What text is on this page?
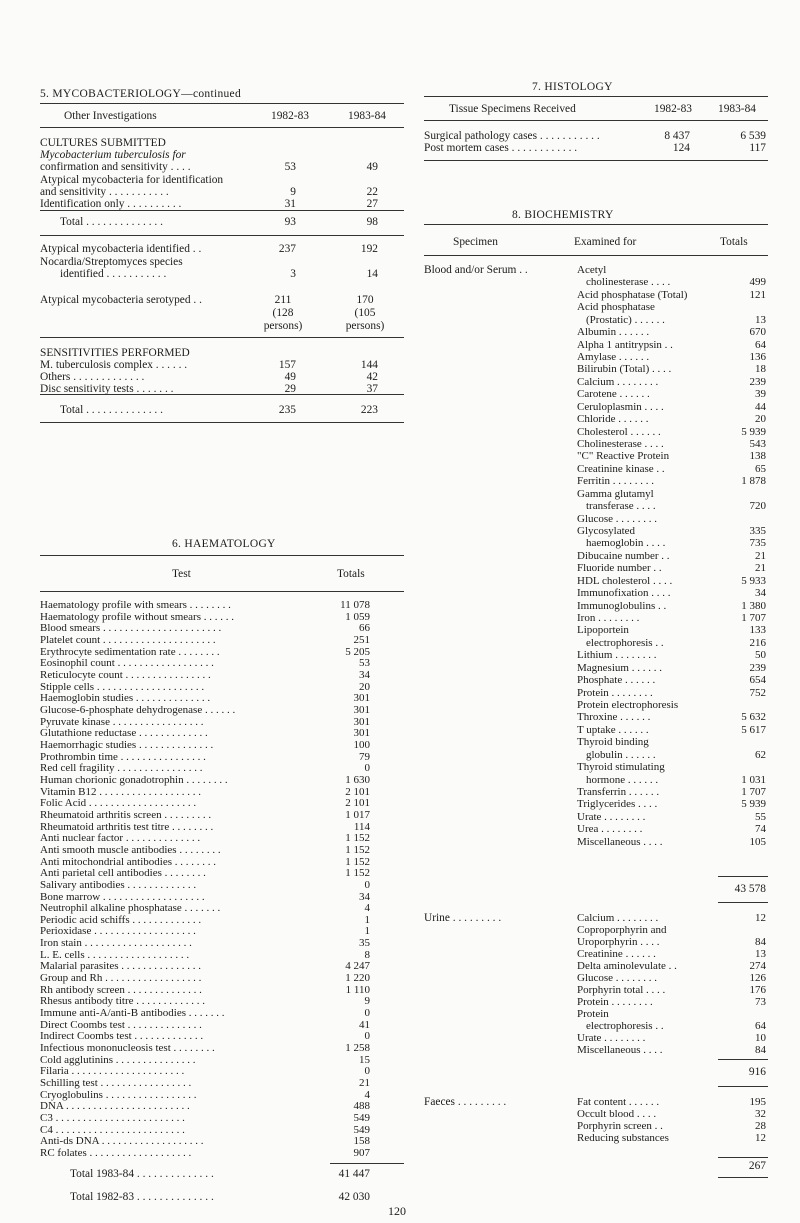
5. MYCOBACTERIOLOGY—continued
Other Investigations	1982-83	1983-84
CULTURES SUBMITTED
Mycobacterium tuberculosis for
confirmation and sensitivity . . . .	53	49
Atypical mycobacteria for identification
and sensitivity . . . . . . . . . . .	9	22
Identification only . . . . . . . . . .	31	27
Total . . . . . . . . . . . . . .	93	98
Atypical mycobacteria identified . .	237	192
Nocardia/Streptomyces species
identified . . . . . . . . . . .	3	14
Atypical mycobacteria serotyped . .	211	170
(128	(105
persons)	persons)
SENSITIVITIES PERFORMED
M. tuberculosis complex . . . . . .	157	144
Others . . . . . . . . . . . . .	49	42
Disc sensitivity tests . . . . . . .	29	37
Total . . . . . . . . . . . . . .	235	223
6. HAEMATOLOGY
Test	Totals
Haematology profile with smears . . . . . . . .	11 078
Haematology profile without smears . . . . . .	1 059
Blood smears . . . . . . . . . . . . . . . . . . . . . .	66
Platelet count . . . . . . . . . . . . . . . . . . . . .	251
Erythrocyte sedimentation rate . . . . . . . .	5 205
Eosinophil count . . . . . . . . . . . . . . . . . .	53
Reticulocyte count . . . . . . . . . . . . . . . .	34
Stipple cells . . . . . . . . . . . . . . . . . . . .	20
Haemoglobin studies . . . . . . . . . . . . . .	301
Glucose-6-phosphate dehydrogenase . . . . . .	301
Pyruvate kinase . . . . . . . . . . . . . . . . .	301
Glutathione reductase . . . . . . . . . . . . .	301
Haemorrhagic studies . . . . . . . . . . . . . .	100
Prothrombin time . . . . . . . . . . . . . . . .	79
Red cell fragility . . . . . . . . . . . . . . . .	0
Human chorionic gonadotrophin . . . . . . . .	1 630
Vitamin B12 . . . . . . . . . . . . . . . . . . .	2 101
Folic Acid . . . . . . . . . . . . . . . . . . . .	2 101
Rheumatoid arthritis screen . . . . . . . . .	1 017
Rheumatoid arthritis test titre . . . . . . . .	114
Anti nuclear factor . . . . . . . . . . . . . .	1 152
Anti smooth muscle antibodies . . . . . . . .	1 152
Anti mitochondrial antibodies . . . . . . . .	1 152
Anti parietal cell antibodies . . . . . . . .	1 152
Salivary antibodies . . . . . . . . . . . . .	0
Bone marrow . . . . . . . . . . . . . . . . . . .	34
Neutrophil alkaline phosphatase . . . . . . .	4
Periodic acid schiffs . . . . . . . . . . . . .	1
Perioxidase . . . . . . . . . . . . . . . . . . .	1
Iron stain . . . . . . . . . . . . . . . . . . . .	35
L. E. cells . . . . . . . . . . . . . . . . . . .	8
Malarial parasites . . . . . . . . . . . . . . .	4 247
Group and Rh . . . . . . . . . . . . . . . . . .	1 220
Rh antibody screen . . . . . . . . . . . . . .	1 110
Rhesus antibody titre . . . . . . . . . . . . .	9
Immune anti-A/anti-B antibodies . . . . . . .	0
Direct Coombs test . . . . . . . . . . . . . .	41
Indirect Coombs test . . . . . . . . . . . . .	0
Infectious mononucleosis test . . . . . . . .	1 258
Cold agglutinins . . . . . . . . . . . . . . .	15
Filaria . . . . . . . . . . . . . . . . . . . . .	0
Schilling test . . . . . . . . . . . . . . . . .	21
Cryoglobulins . . . . . . . . . . . . . . . . .	4
DNA . . . . . . . . . . . . . . . . . . . . . . .	488
C3 . . . . . . . . . . . . . . . . . . . . . . . .	549
C4 . . . . . . . . . . . . . . . . . . . . . . . .	549
Anti-ds DNA . . . . . . . . . . . . . . . . . . .	158
RC folates . . . . . . . . . . . . . . . . . . .	907
Total 1983-84 . . . . . . . . . . . . . .	41 447
Total 1982-83 . . . . . . . . . . . . . .	42 030
7. HISTOLOGY
Tissue Specimens Received	1982-83 1983-84
Surgical pathology cases . . . . . . . . . . .	8 437	6 539
Post mortem cases . . . . . . . . . . . .	124	117
8. BIOCHEMISTRY
Specimen	Examined for	Totals
Blood and/or Serum . .	Acetyl
cholinesterase . . . .	499
Acid phosphatase (Total)	121
Acid phosphatase
(Prostatic) . . . . . .	13
Albumin . . . . . .	670
Alpha 1 antitrypsin . .	64
Amylase . . . . . .	136
Bilirubin (Total) . . . .	18
Calcium . . . . . . . .	239
Carotene . . . . . .	39
Ceruloplasmin . . . .	44
Chloride . . . . . .	20
Cholesterol . . . . . .	5 939
Cholinesterase . . . .	543
"C" Reactive Protein	138
Creatinine kinase . .	65
Ferritin . . . . . . . .	1 878
Gamma glutamyl
transferase . . . .	720
Glucose . . . . . . . .
Glycosylated	335
haemoglobin . . . .	735
Dibucaine number . .	21
Fluoride number . .	21
HDL cholesterol . . . .	5 933
Immunofixation . . . .	34
Immunoglobulins . .	1 380
Iron . . . . . . . .	1 707
Lipoportein	133
electrophoresis . .	216
Lithium . . . . . . . .	50
Magnesium . . . . . .	239
Phosphate . . . . . .	654
Protein . . . . . . . .	752
Protein electrophoresis
Throxine . . . . . .	5 632
T uptake . . . . . .	5 617
Thyroid binding
globulin . . . . . .	62
Thyroid stimulating
hormone . . . . . .	1 031
Transferrin . . . . . .	1 707
Triglycerides . . . .	5 939
Urate . . . . . . . .	55
Urea . . . . . . . .	74
Miscellaneous . . . .	105
43 578
Urine . . . . . . . . .	Calcium . . . . . . . .	12
Coproporphyrin and
Uroporphyrin . . . .	84
Creatinine . . . . . .	13
Delta aminolevulate . .	274
Glucose . . . . . . . .	126
Porphyrin total . . . .	176
Protein . . . . . . . .	73
Protein
electrophoresis . .	64
Urate . . . . . . . .	10
Miscellaneous . . . .	84
916
Faeces . . . . . . . . .	Fat content . . . . . .	195
Occult blood . . . .	32
Porphyrin screen . .	28
Reducing substances	12
267
120
